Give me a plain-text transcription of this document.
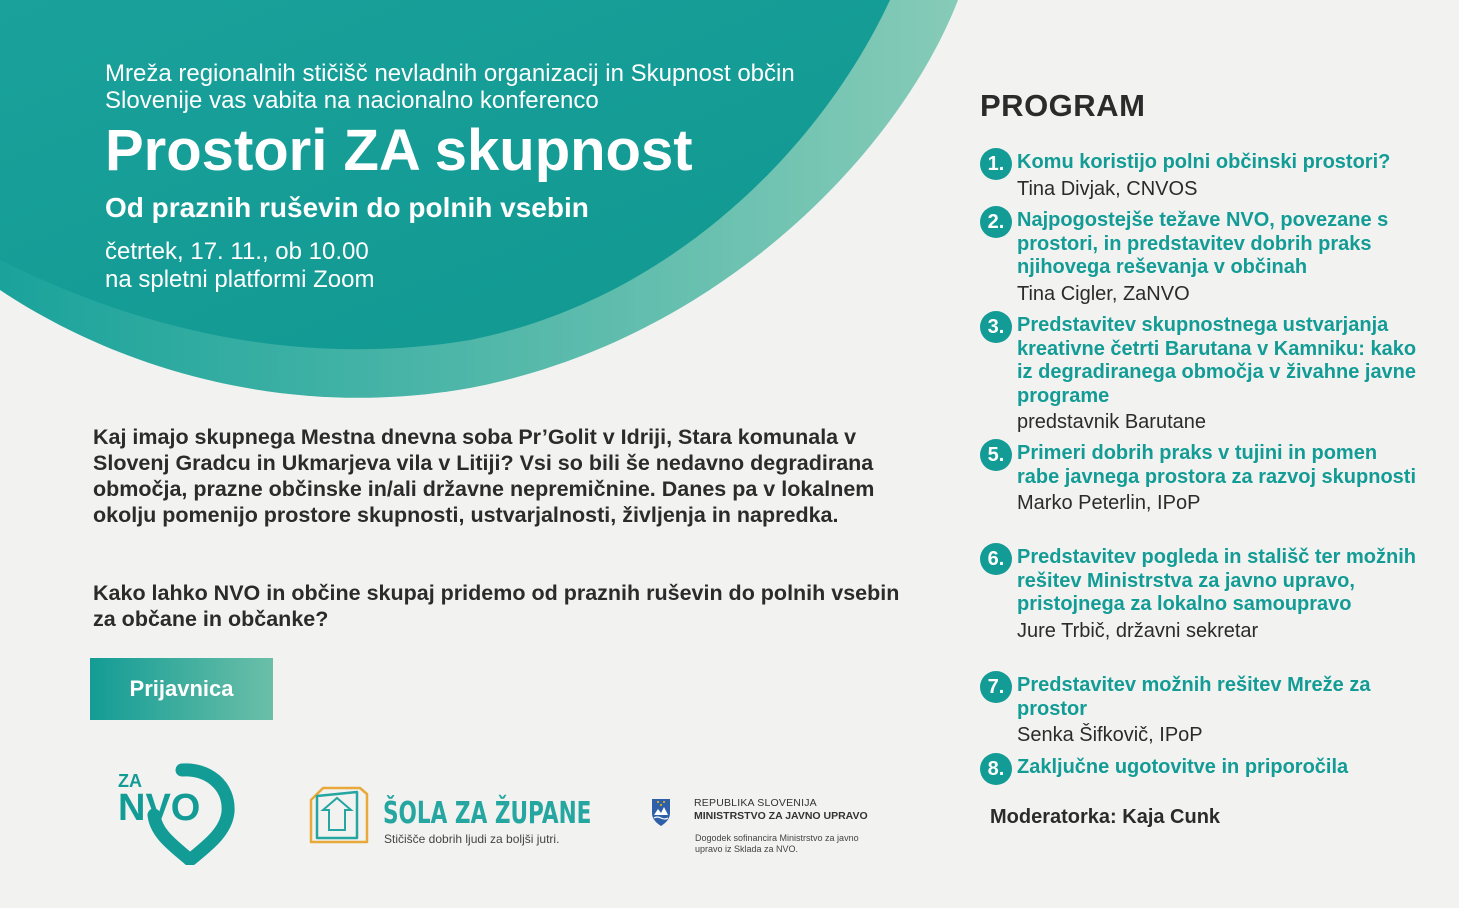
Mreža regionalnih stičišč nevladnih organizacij in Skupnost občin Slovenije vas vabita na nacionalno konferenco
Prostori ZA skupnost
Od praznih ruševin do polnih vsebin
četrtek, 17. 11., ob 10.00
na spletni platformi Zoom
Kaj imajo skupnega Mestna dnevna soba Pr’Golit v Idriji, Stara komunala v Slovenj Gradcu in Ukmarjeva vila v Litiji? Vsi so bili še nedavno degradirana območja, prazne občinske in/ali državne nepremičnine. Danes pa v lokalnem okolju pomenijo prostore skupnosti, ustvarjalnosti, življenja in napredka.
Kako lahko NVO in občine skupaj pridemo od praznih ruševin do polnih vsebin za občane in občanke?
Prijavnica
PROGRAM
1. Komu koristijo polni občinski prostori?
Tina Divjak, CNVOS
2. Najpogostejše težave NVO, povezane s prostori, in predstavitev dobrih praks njihovega reševanja v občinah
Tina Cigler, ZaNVO
3. Predstavitev skupnostnega ustvarjanja kreativne četrti Barutana v Kamniku: kako iz degradiranega območja v živahne javne programe
predstavnik Barutane
5. Primeri dobrih praks v tujini in pomen rabe javnega prostora za razvoj skupnosti
Marko Peterlin, IPoP
6. Predstavitev pogleda in stališč ter možnih rešitev Ministrstva za javno upravo, pristojnega za lokalno samoupravo
Jure Trbič, državni sekretar
7. Predstavitev možnih rešitev Mreže za prostor
Senka Šifkovič, IPoP
8. Zaključne ugotovitve in priporočila
Moderatorka: Kaja Cunk
ZA
NVO	ŠOLA ZA ŽUPANE
Stičišče dobrih ljudi za boljši jutri.
REPUBLIKA SLOVENIJA
MINISTRSTVO ZA JAVNO UPRAVO
Dogodek sofinancira Ministrstvo za javno upravo iz Sklada za NVO.
